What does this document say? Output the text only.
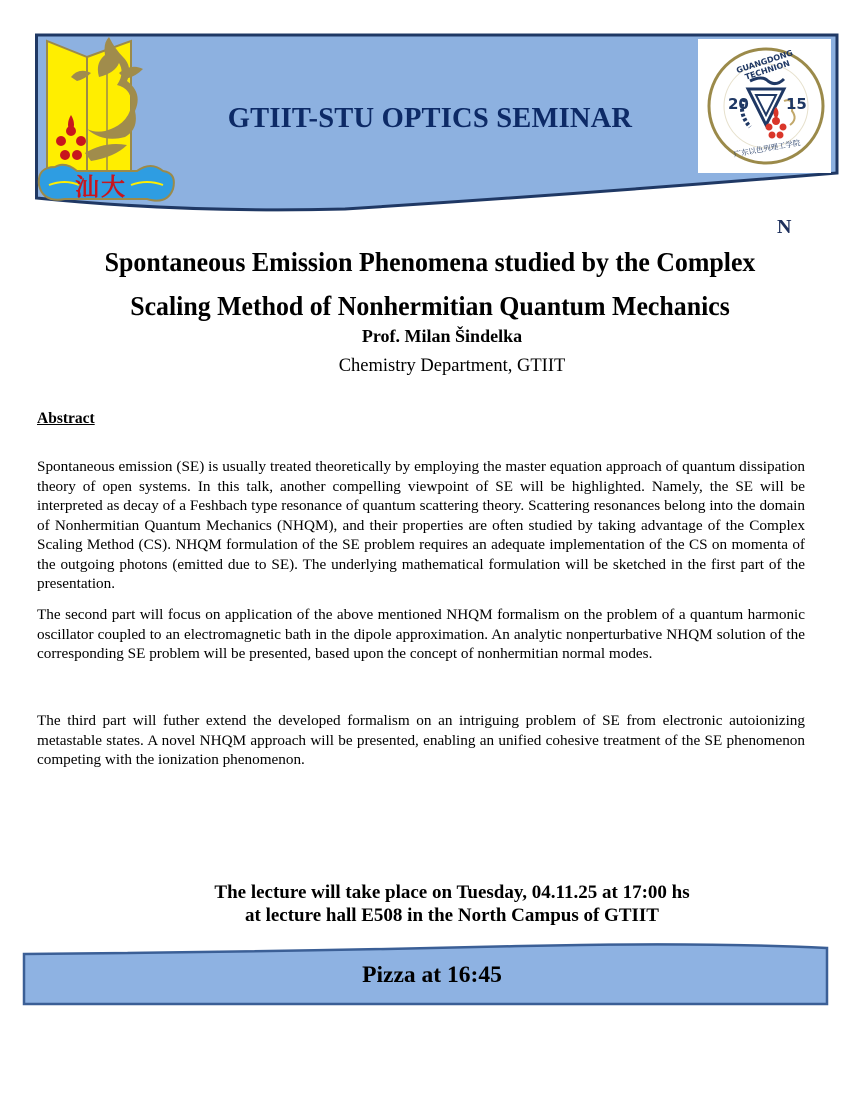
汕大
GTIIT-STU OPTICS SEMINAR	20 15
GUANGDONG TECHNION
广东以色列理工学院
N
Spontaneous Emission Phenomena studied by the Complex
Scaling Method of Nonhermitian Quantum Mechanics
Prof. Milan Šindelka
Chemistry Department, GTIIT
Abstract
Spontaneous emission (SE) is usually treated theoretically by employing the master equation approach of quantum dissipation theory of open systems. In this talk, another compelling viewpoint of SE will be highlighted. Namely, the SE will be interpreted as decay of a Feshbach type resonance of quantum scattering theory. Scattering resonances belong into the domain of Nonhermitian Quantum Mechanics (NHQM), and their properties are often studied by taking advantage of the Complex Scaling Method (CS). NHQM formulation of the SE problem requires an adequate implementation of the CS on momenta of the outgoing photons (emitted due to SE). The underlying mathematical formulation will be sketched in the first part of the presentation.
The second part will focus on application of the above mentioned NHQM formalism on the problem of a quantum harmonic oscillator coupled to an electromagnetic bath in the dipole approximation. An analytic nonperturbative NHQM solution of the corresponding SE problem will be presented, based upon the concept of nonhermitian normal modes.
The third part will futher extend the developed formalism on an intriguing problem of SE from electronic autoionizing metastable states. A novel NHQM approach will be presented, enabling an unified cohesive treatment of the SE phenomenon competing with the ionization phenomenon.
The lecture will take place on Tuesday, 04.11.25 at 17:00 hs
at lecture hall E508 in the North Campus of GTIIT
Pizza at 16:45
